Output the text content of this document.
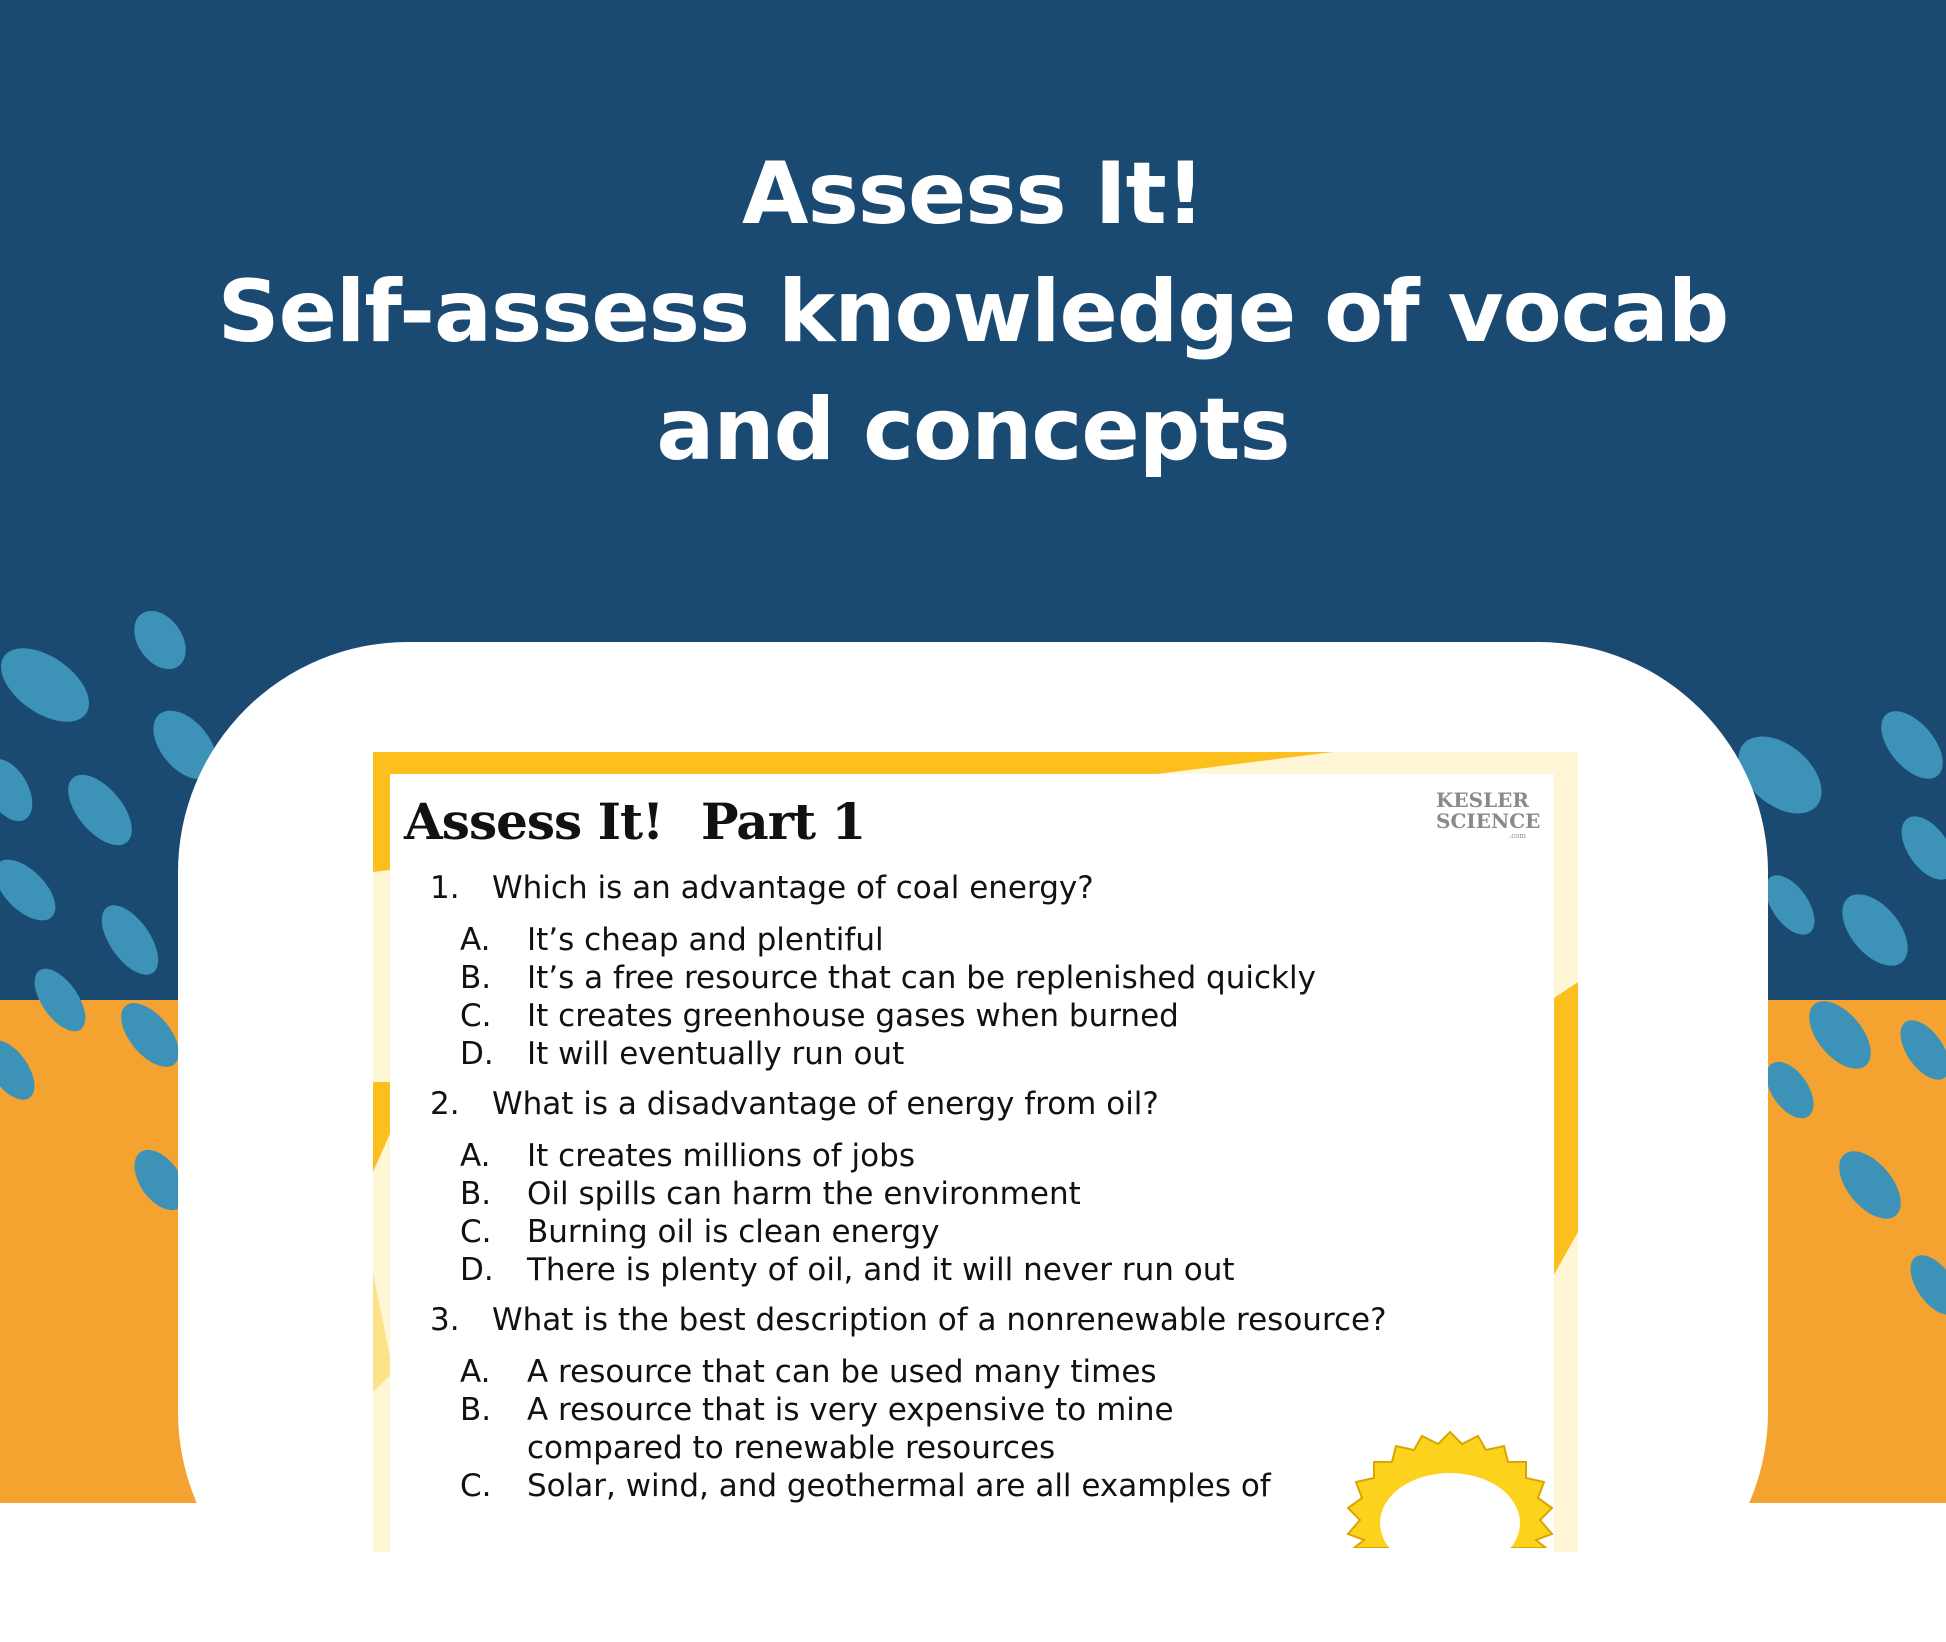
Assess It!
Self-assess knowledge of vocab
and concepts
Assess It! Part 1	KESLER
SCIENCE
.com
1.	Which is an advantage of coal energy?
A.	It’s cheap and plentiful
B.	It’s a free resource that can be replenished quickly
C.	It creates greenhouse gases when burned
D.	It will eventually run out
2.	What is a disadvantage of energy from oil?
A.	It creates millions of jobs
B.	Oil spills can harm the environment
C.	Burning oil is clean energy
D.	There is plenty of oil, and it will never run out
3.	What is the best description of a nonrenewable resource?
A.	A resource that can be used many times
B.	A resource that is very expensive to mine compared to renewable resources
C.	Solar, wind, and geothermal are all examples of
